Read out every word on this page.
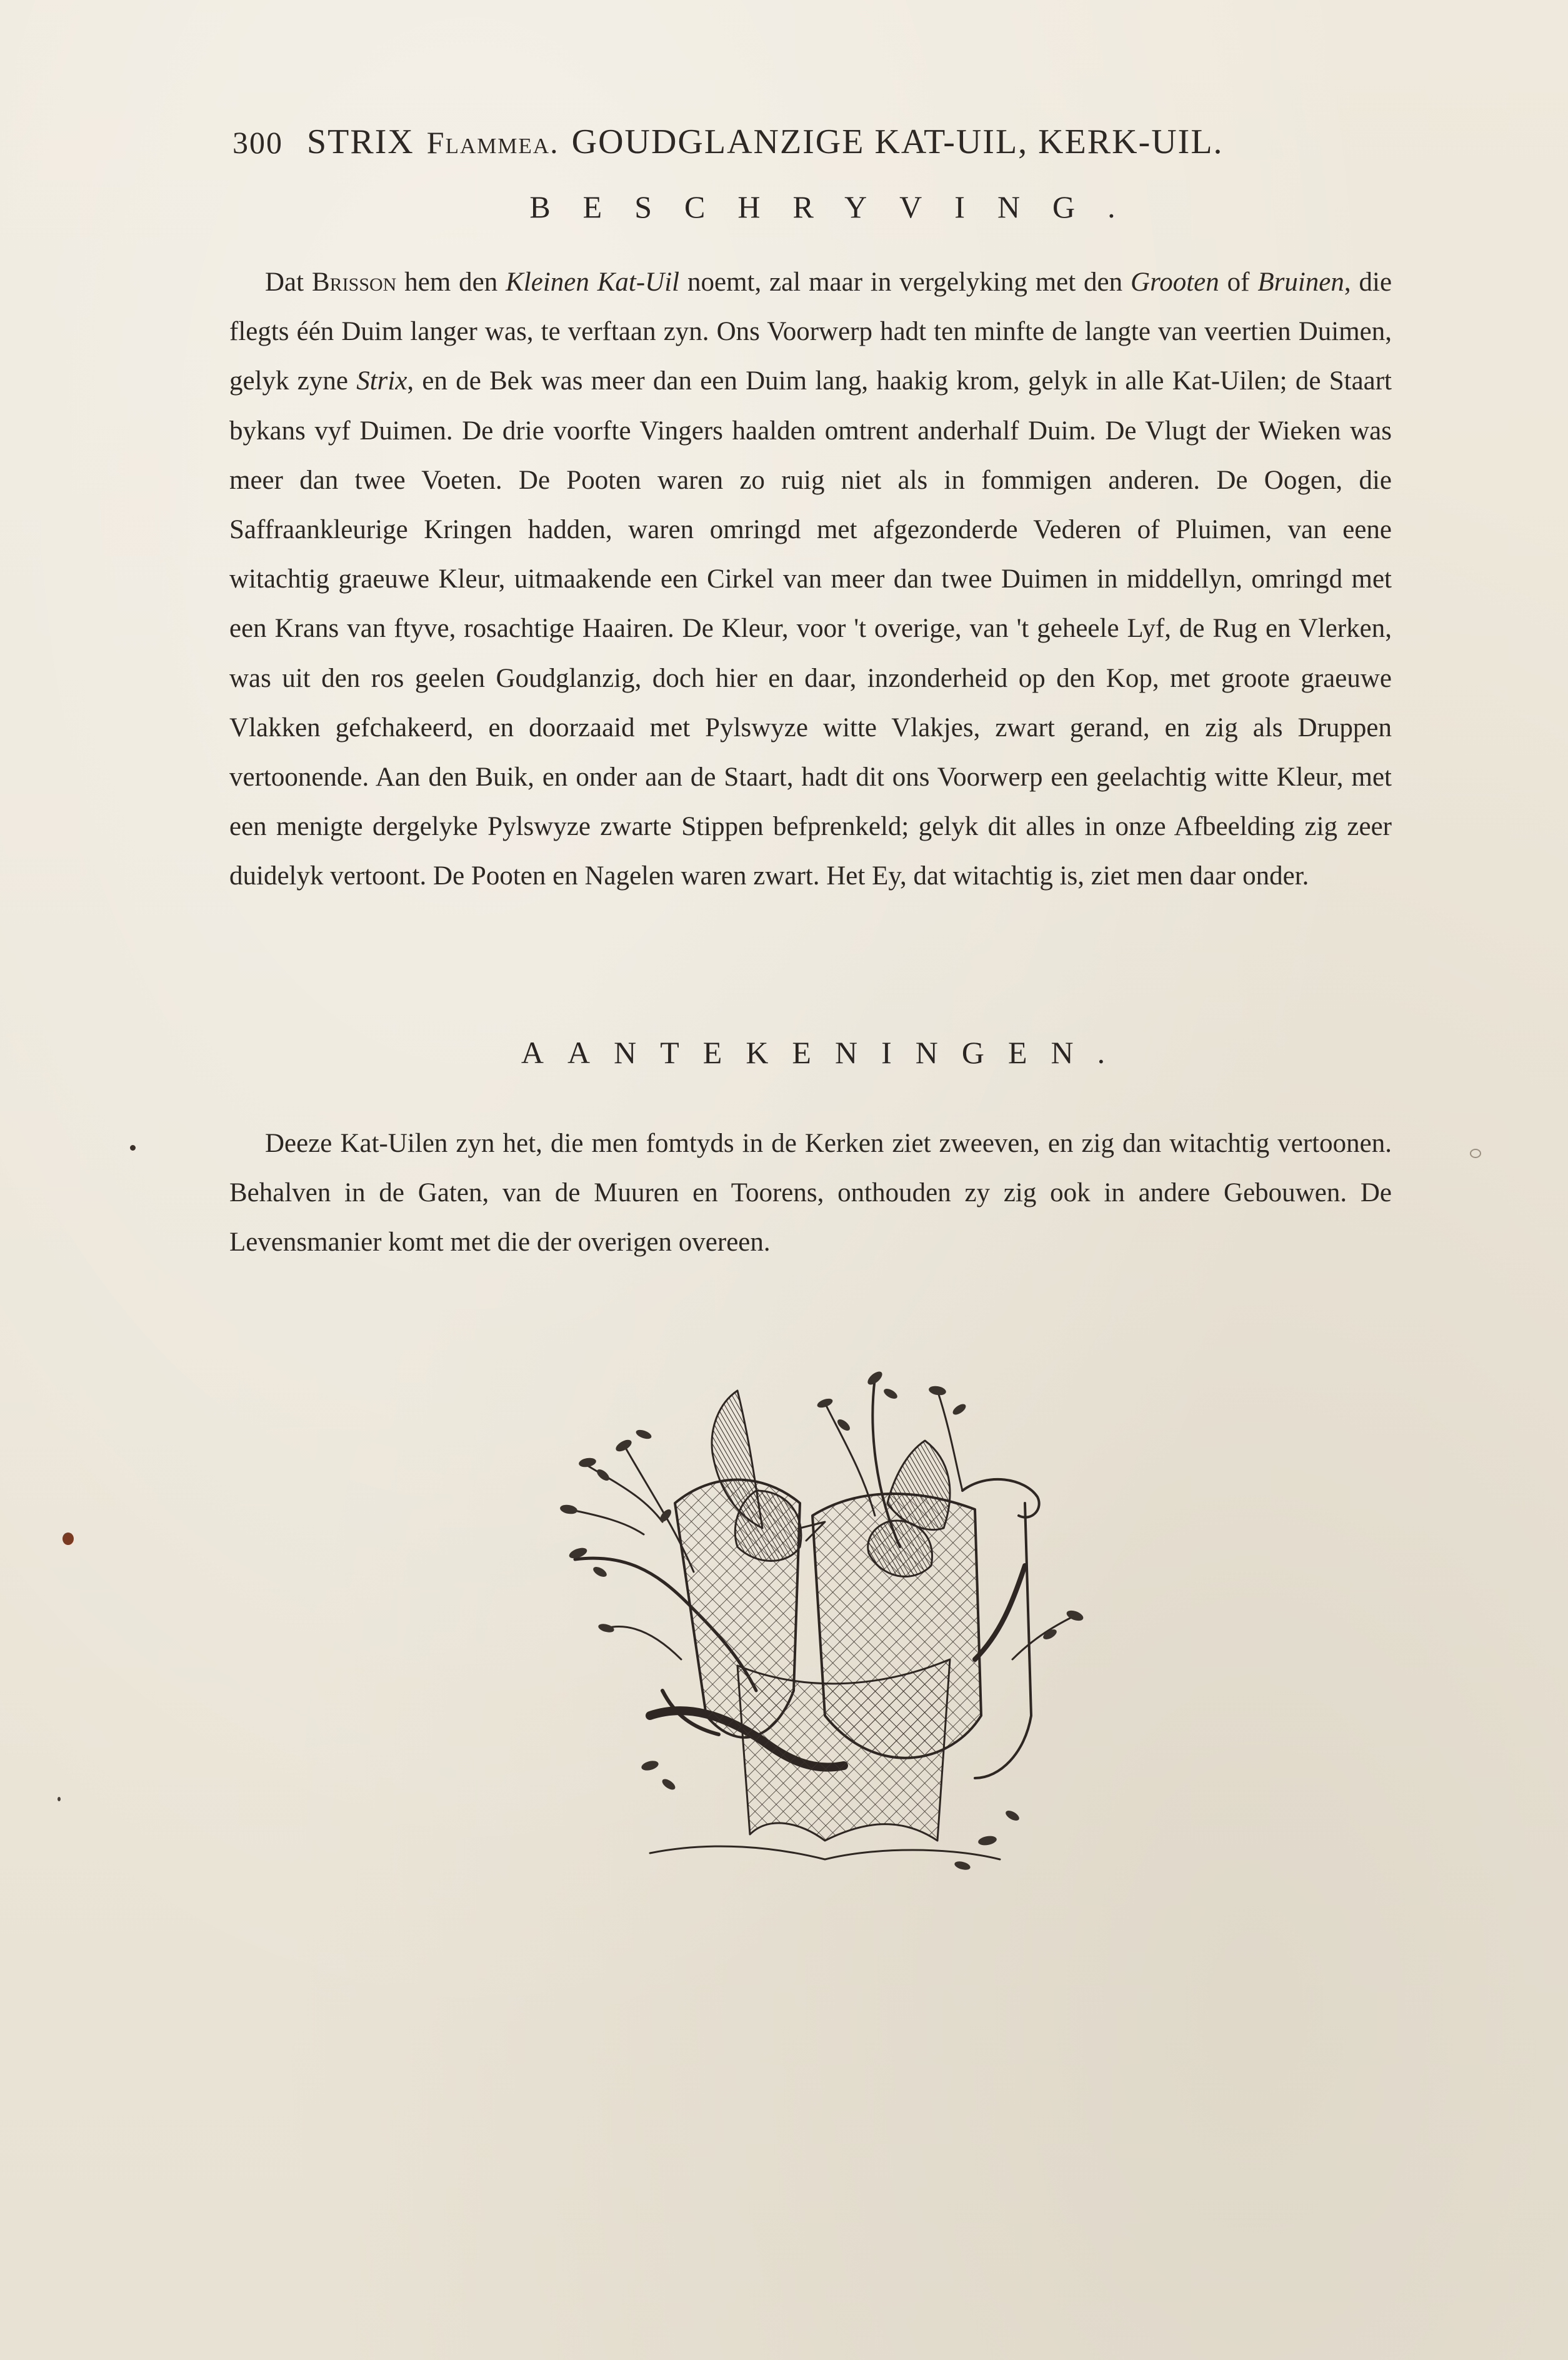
300 STRIX Flammea. GOUDGLANZIGE KAT-UIL, KERK-UIL.
BESCHRYVING.

Dat Brisson hem den Kleinen Kat-Uil noemt, zal maar in vergelyking met den Grooten of Bruinen, die flegts één Duim langer was, te verftaan zyn. Ons Voorwerp hadt ten minfte de langte van veertien Duimen, gelyk zyne Strix, en de Bek was meer dan een Duim lang, haakig krom, gelyk in alle Kat-Uilen; de Staart bykans vyf Duimen. De drie voorfte Vingers haalden omtrent anderhalf Duim. De Vlugt der Wieken was meer dan twee Voeten. De Pooten waren zo ruig niet als in fommigen anderen. De Oogen, die Saffraankleurige Kringen hadden, waren omringd met afgezonderde Vederen of Pluimen, van eene witachtig graeuwe Kleur, uitmaakende een Cirkel van meer dan twee Duimen in middellyn, omringd met een Krans van ftyve, rosachtige Haairen. De Kleur, voor 't overige, van 't geheele Lyf, de Rug en Vlerken, was uit den ros geelen Goudglanzig, doch hier en daar, inzonderheid op den Kop, met groote graeuwe Vlakken gefchakeerd, en doorzaaid met Pylswyze witte Vlakjes, zwart gerand, en zig als Druppen vertoonende. Aan den Buik, en onder aan de Staart, hadt dit ons Voorwerp een geelachtig witte Kleur, met een menigte dergelyke Pylswyze zwarte Stippen befprenkeld; gelyk dit alles in onze Afbeelding zig zeer duidelyk vertoont. De Pooten en Nagelen waren zwart. Het Ey, dat witachtig is, ziet men daar onder.

AANTEKENINGEN.

Deeze Kat-Uilen zyn het, die men fomtyds in de Kerken ziet zweeven, en zig dan witachtig vertoonen. Behalven in de Gaten, van de Muuren en Toorens, onthouden zy zig ook in andere Gebouwen. De Levensmanier komt met die der overigen overeen.
